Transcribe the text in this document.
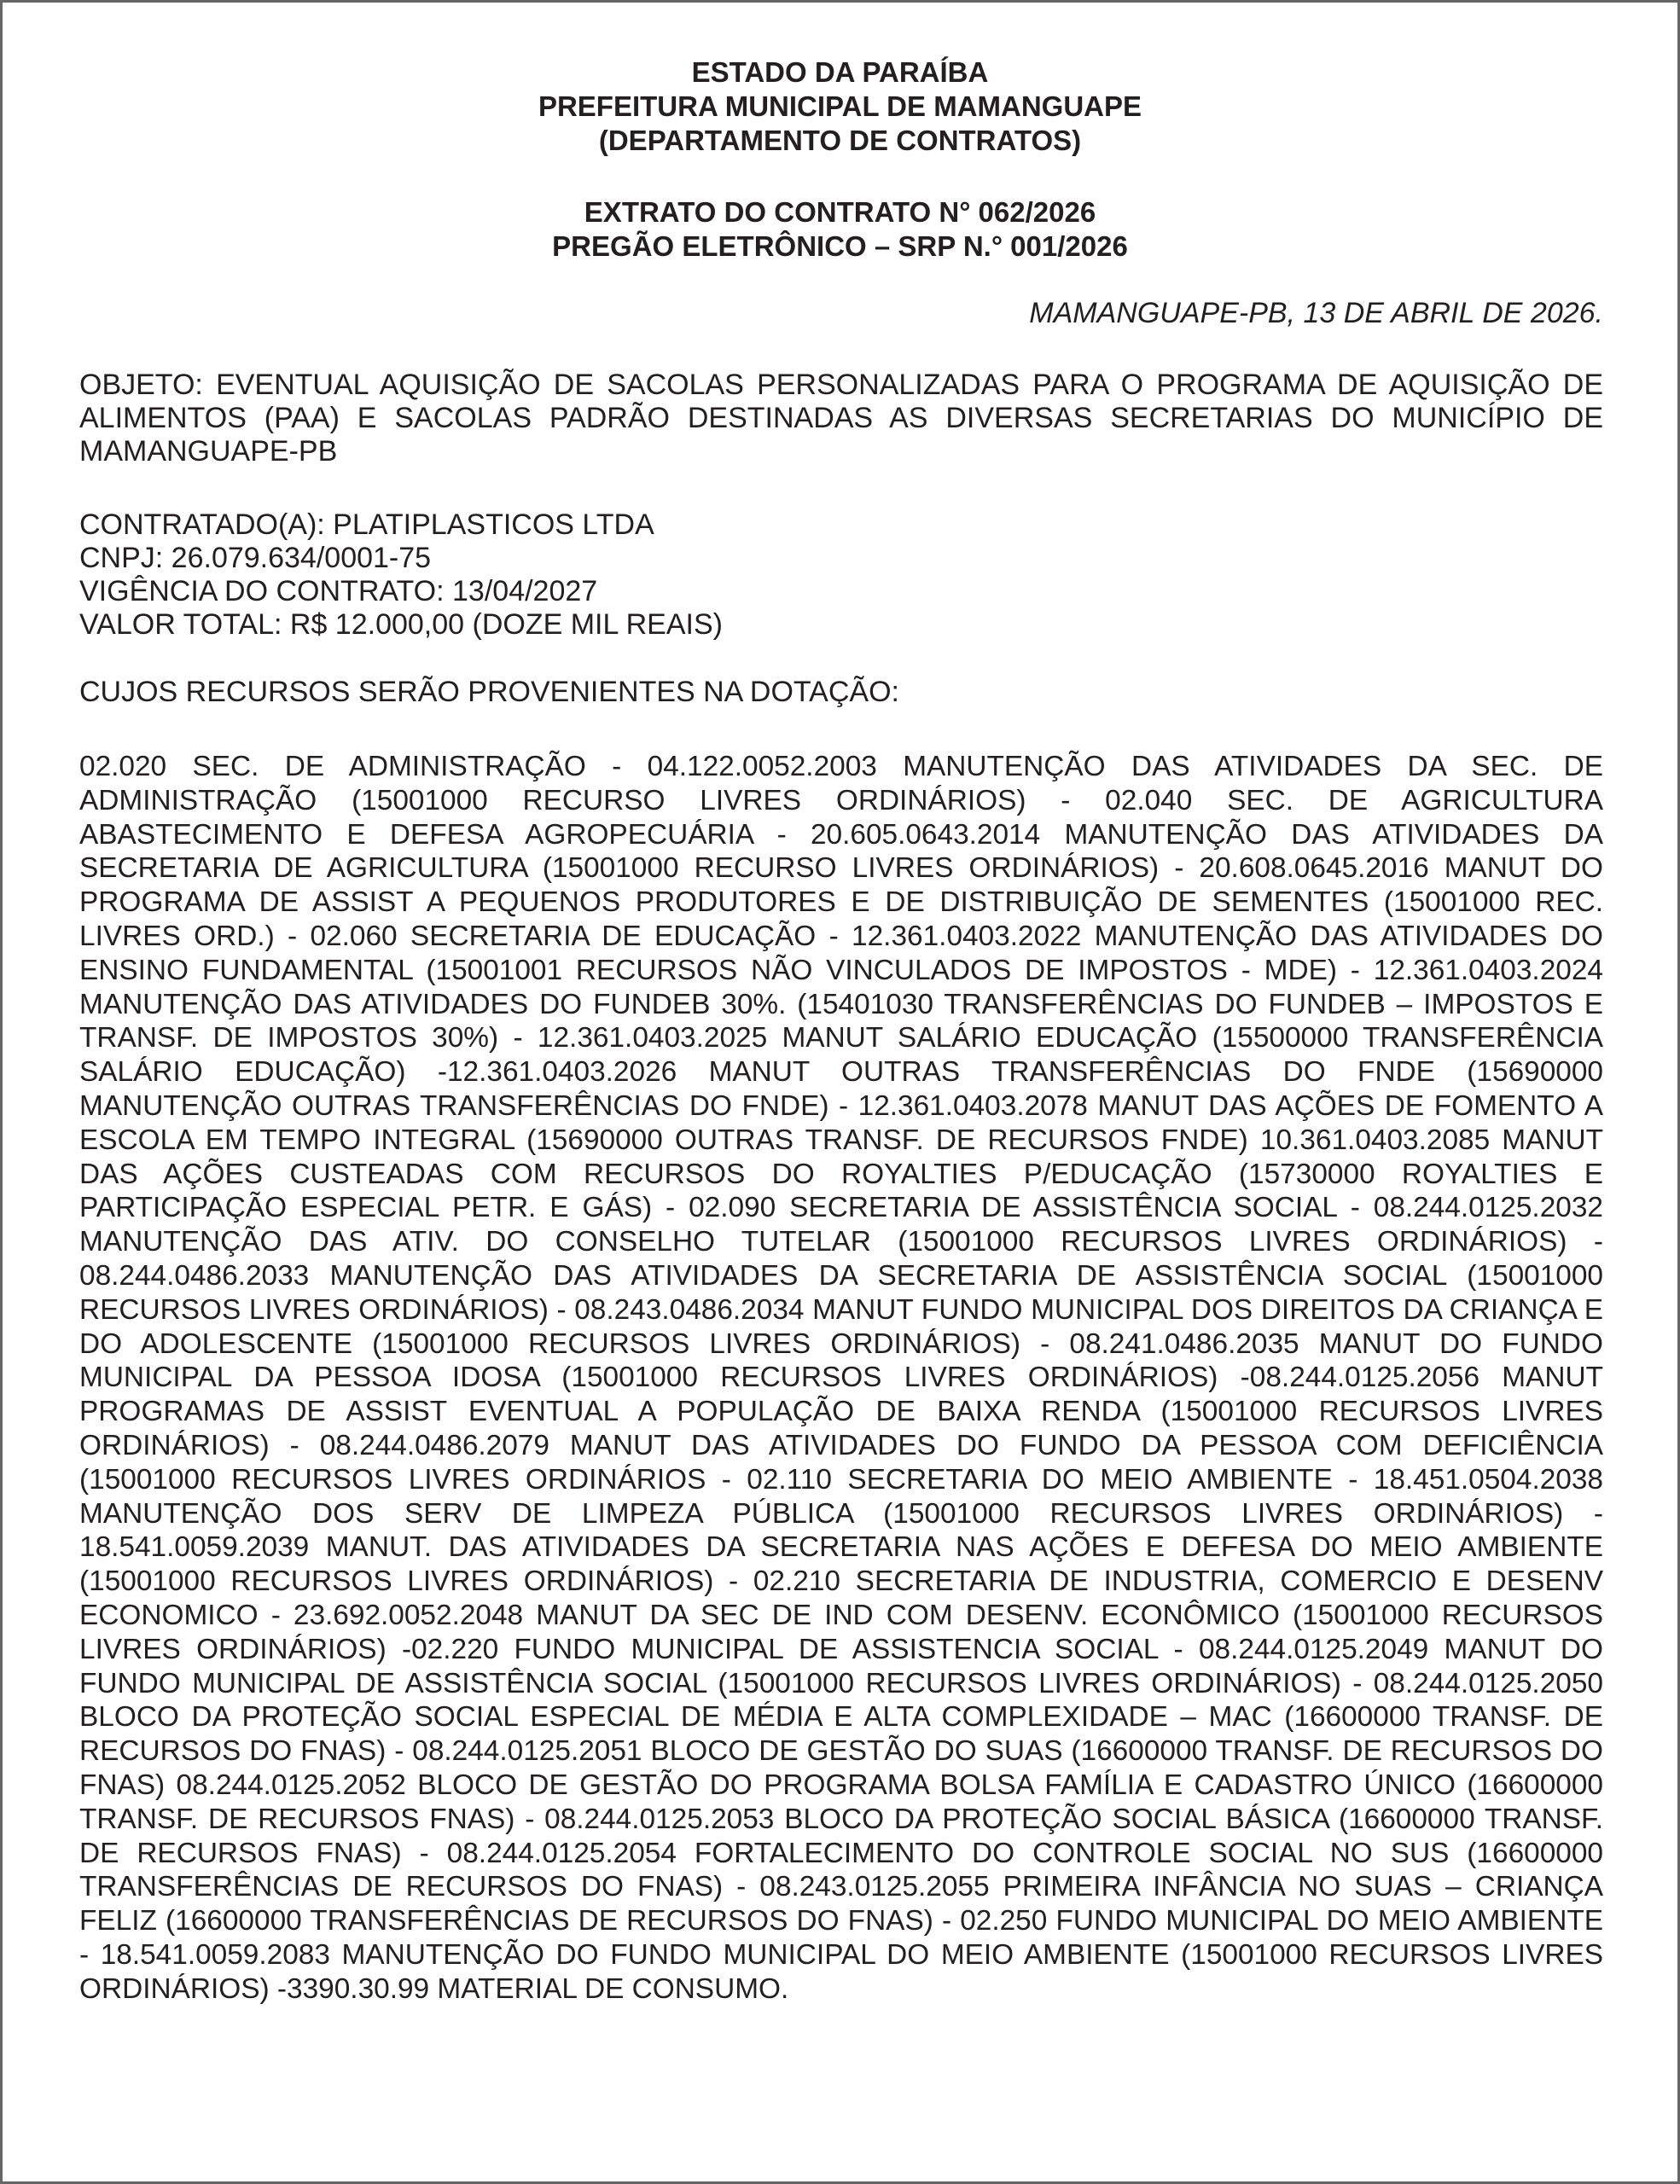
ESTADO DA PARAÍBA
PREFEITURA MUNICIPAL DE MAMANGUAPE
(DEPARTAMENTO DE CONTRATOS)
EXTRATO DO CONTRATO N° 062/2026
PREGÃO ELETRÔNICO – SRP N.° 001/2026
MAMANGUAPE-PB, 13 DE ABRIL DE 2026.
OBJETO: EVENTUAL AQUISIÇÃO DE SACOLAS PERSONALIZADAS PARA O PROGRAMA DE AQUISIÇÃO DE ALIMENTOS (PAA) E SACOLAS PADRÃO DESTINADAS AS DIVERSAS SECRETARIAS DO MUNICÍPIO DE MAMANGUAPE-PB
CONTRATADO(A): PLATIPLASTICOS LTDA
CNPJ: 26.079.634/0001-75
VIGÊNCIA DO CONTRATO: 13/04/2027
VALOR TOTAL: R$ 12.000,00 (DOZE MIL REAIS)
CUJOS RECURSOS SERÃO PROVENIENTES NA DOTAÇÃO:
02.020 SEC. DE ADMINISTRAÇÃO - 04.122.0052.2003 MANUTENÇÃO DAS ATIVIDADES DA SEC. DE ADMINISTRAÇÃO (15001000 RECURSO LIVRES ORDINÁRIOS) - 02.040 SEC. DE AGRICULTURA ABASTECIMENTO E DEFESA AGROPECUÁRIA - 20.605.0643.2014 MANUTENÇÃO DAS ATIVIDADES DA SECRETARIA DE AGRICULTURA (15001000 RECURSO LIVRES ORDINÁRIOS) - 20.608.0645.2016 MANUT DO PROGRAMA DE ASSIST A PEQUENOS PRODUTORES E DE DISTRIBUIÇÃO DE SEMENTES (15001000 REC. LIVRES ORD.) - 02.060 SECRETARIA DE EDUCAÇÃO - 12.361.0403.2022 MANUTENÇÃO DAS ATIVIDADES DO ENSINO FUNDAMENTAL (15001001 RECURSOS NÃO VINCULADOS DE IMPOSTOS - MDE) - 12.361.0403.2024 MANUTENÇÃO DAS ATIVIDADES DO FUNDEB 30%. (15401030 TRANSFERÊNCIAS DO FUNDEB – IMPOSTOS E TRANSF. DE IMPOSTOS 30%) - 12.361.0403.2025 MANUT SALÁRIO EDUCAÇÃO (15500000 TRANSFERÊNCIA SALÁRIO EDUCAÇÃO) -12.361.0403.2026 MANUT OUTRAS TRANSFERÊNCIAS DO FNDE (15690000 MANUTENÇÃO OUTRAS TRANSFERÊNCIAS DO FNDE) - 12.361.0403.2078 MANUT DAS AÇÕES DE FOMENTO A ESCOLA EM TEMPO INTEGRAL (15690000 OUTRAS TRANSF. DE RECURSOS FNDE) 10.361.0403.2085 MANUT DAS AÇÕES CUSTEADAS COM RECURSOS DO ROYALTIES P/EDUCAÇÃO (15730000 ROYALTIES E PARTICIPAÇÃO ESPECIAL PETR. E GÁS) - 02.090 SECRETARIA DE ASSISTÊNCIA SOCIAL - 08.244.0125.2032 MANUTENÇÃO DAS ATIV. DO CONSELHO TUTELAR (15001000 RECURSOS LIVRES ORDINÁRIOS) - 08.244.0486.2033 MANUTENÇÃO DAS ATIVIDADES DA SECRETARIA DE ASSISTÊNCIA SOCIAL (15001000 RECURSOS LIVRES ORDINÁRIOS) - 08.243.0486.2034 MANUT FUNDO MUNICIPAL DOS DIREITOS DA CRIANÇA E DO ADOLESCENTE (15001000 RECURSOS LIVRES ORDINÁRIOS) - 08.241.0486.2035 MANUT DO FUNDO MUNICIPAL DA PESSOA IDOSA (15001000 RECURSOS LIVRES ORDINÁRIOS) -08.244.0125.2056 MANUT PROGRAMAS DE ASSIST EVENTUAL A POPULAÇÃO DE BAIXA RENDA (15001000 RECURSOS LIVRES ORDINÁRIOS) - 08.244.0486.2079 MANUT DAS ATIVIDADES DO FUNDO DA PESSOA COM DEFICIÊNCIA (15001000 RECURSOS LIVRES ORDINÁRIOS - 02.110 SECRETARIA DO MEIO AMBIENTE - 18.451.0504.2038 MANUTENÇÃO DOS SERV DE LIMPEZA PÚBLICA (15001000 RECURSOS LIVRES ORDINÁRIOS) - 18.541.0059.2039 MANUT. DAS ATIVIDADES DA SECRETARIA NAS AÇÕES E DEFESA DO MEIO AMBIENTE (15001000 RECURSOS LIVRES ORDINÁRIOS) - 02.210 SECRETARIA DE INDUSTRIA, COMERCIO E DESENV ECONOMICO - 23.692.0052.2048 MANUT DA SEC DE IND COM DESENV. ECONÔMICO (15001000 RECURSOS LIVRES ORDINÁRIOS) -02.220 FUNDO MUNICIPAL DE ASSISTENCIA SOCIAL - 08.244.0125.2049 MANUT DO FUNDO MUNICIPAL DE ASSISTÊNCIA SOCIAL (15001000 RECURSOS LIVRES ORDINÁRIOS) - 08.244.0125.2050 BLOCO DA PROTEÇÃO SOCIAL ESPECIAL DE MÉDIA E ALTA COMPLEXIDADE – MAC (16600000 TRANSF. DE RECURSOS DO FNAS) - 08.244.0125.2051 BLOCO DE GESTÃO DO SUAS (16600000 TRANSF. DE RECURSOS DO FNAS) 08.244.0125.2052 BLOCO DE GESTÃO DO PROGRAMA BOLSA FAMÍLIA E CADASTRO ÚNICO (16600000 TRANSF. DE RECURSOS FNAS) - 08.244.0125.2053 BLOCO DA PROTEÇÃO SOCIAL BÁSICA (16600000 TRANSF. DE RECURSOS FNAS) - 08.244.0125.2054 FORTALECIMENTO DO CONTROLE SOCIAL NO SUS (16600000 TRANSFERÊNCIAS DE RECURSOS DO FNAS) - 08.243.0125.2055 PRIMEIRA INFÂNCIA NO SUAS – CRIANÇA FELIZ (16600000 TRANSFERÊNCIAS DE RECURSOS DO FNAS) - 02.250 FUNDO MUNICIPAL DO MEIO AMBIENTE - 18.541.0059.2083 MANUTENÇÃO DO FUNDO MUNICIPAL DO MEIO AMBIENTE (15001000 RECURSOS LIVRES ORDINÁRIOS) -3390.30.99 MATERIAL DE CONSUMO.
